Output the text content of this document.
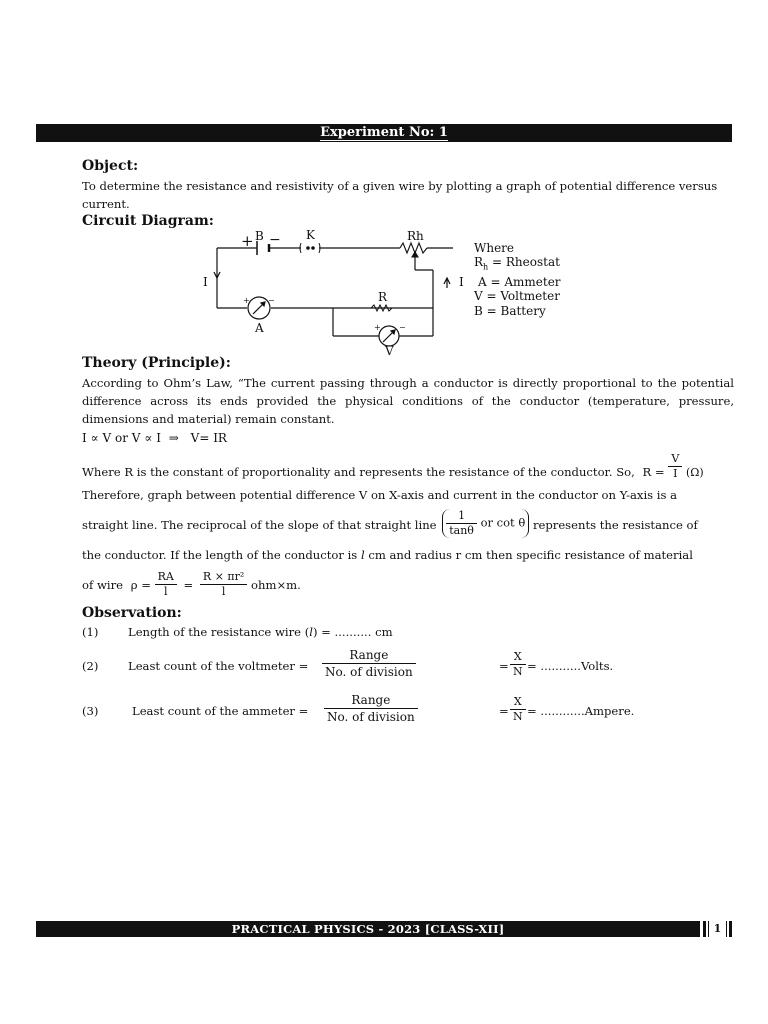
Experiment No: 1
Object:
To determine the resistance and resistivity of a given wire by plotting a graph of potential difference versus current.
Circuit Diagram:
+ B − K	Rh
I	I
A
R
V
+ −
+ −
Where
$R_h$ = Rheostat
A = Ammeter
V = Voltmeter
B = Battery
Theory (Principle):
According to Ohm’s Law, “The current passing through a conductor is directly proportional to the potential difference across its ends provided the physical conditions of the conductor (temperature, pressure, dimensions and material) remain constant.
I ∝ V or V ∝ I ⇒ V= IR
Where R is the constant of proportionality and represents the resistance of the conductor. So, $R = \frac{V}{I} (\Omega)$
Therefore, graph between potential difference V on X-axis and current in the conductor on Y-axis is a
straight line. The reciprocal of the slope of that straight line $\frac{1}{\tan\theta}$ or cot θ represents the resistance of
the conductor. If the length of the conductor is l cm and radius r cm then specific resistance of material
of wire $\rho = \frac{RA}{l} = \frac{\text{R × πr²}}{l} ohm\times m$.
Observation:
(1)	Length of the resistance wire (l) = .......... cm
(2)	Least count of the voltmeter = $\frac{\text{Range}}{\text{No. of division}}$	= $\frac{X}{N}$ = ...........Volts.
(3)	Least count of the ammeter = $\frac{\text{Range}}{\text{No. of division}}$	= $\frac{X}{N}$ = ............Ampere.
PRACTICAL PHYSICS - 2023 [CLASS-XII]	1
